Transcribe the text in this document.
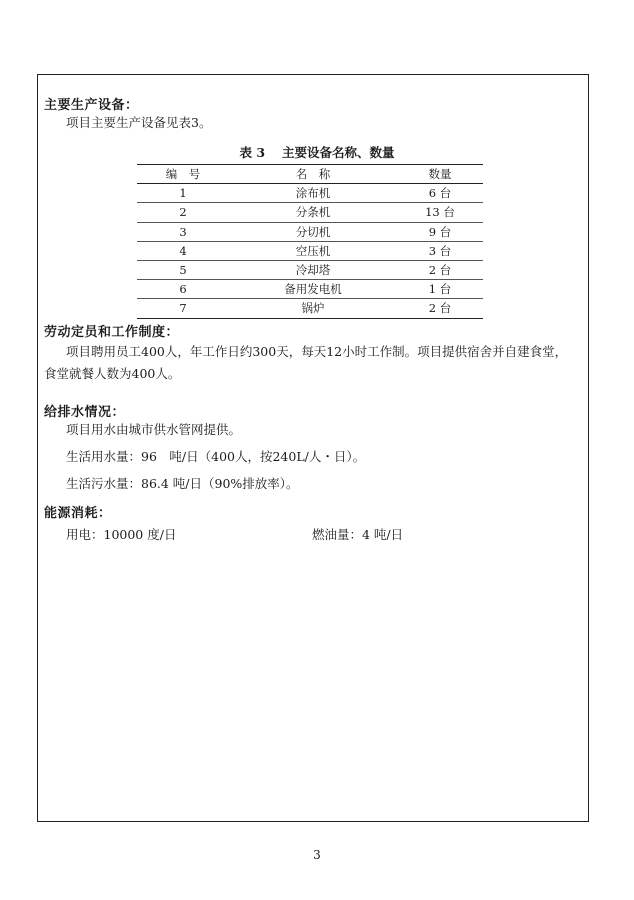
主要生产设备：
项目主要生产设备见表3。
表 3　 主要设备名称、数量
编　号	名　称	数量
1	涂布机	6 台
2	分条机	13 台
3	分切机	9 台
4	空压机	3 台
5	冷却塔	2 台
6	备用发电机	1 台
7	锅炉	2 台
劳动定员和工作制度：
项目聘用员工400人，年工作日约300天，每天12小时工作制。项目提供宿舍并自建食堂，
食堂就餐人数为400人。
给排水情况：
项目用水由城市供水管网提供。
生活用水量：96　吨/日（400人，按240L/人・日）。
生活污水量：86.4 吨/日（90%排放率）。
能源消耗：
用电：10000 度/日	燃油量：4 吨/日
3
